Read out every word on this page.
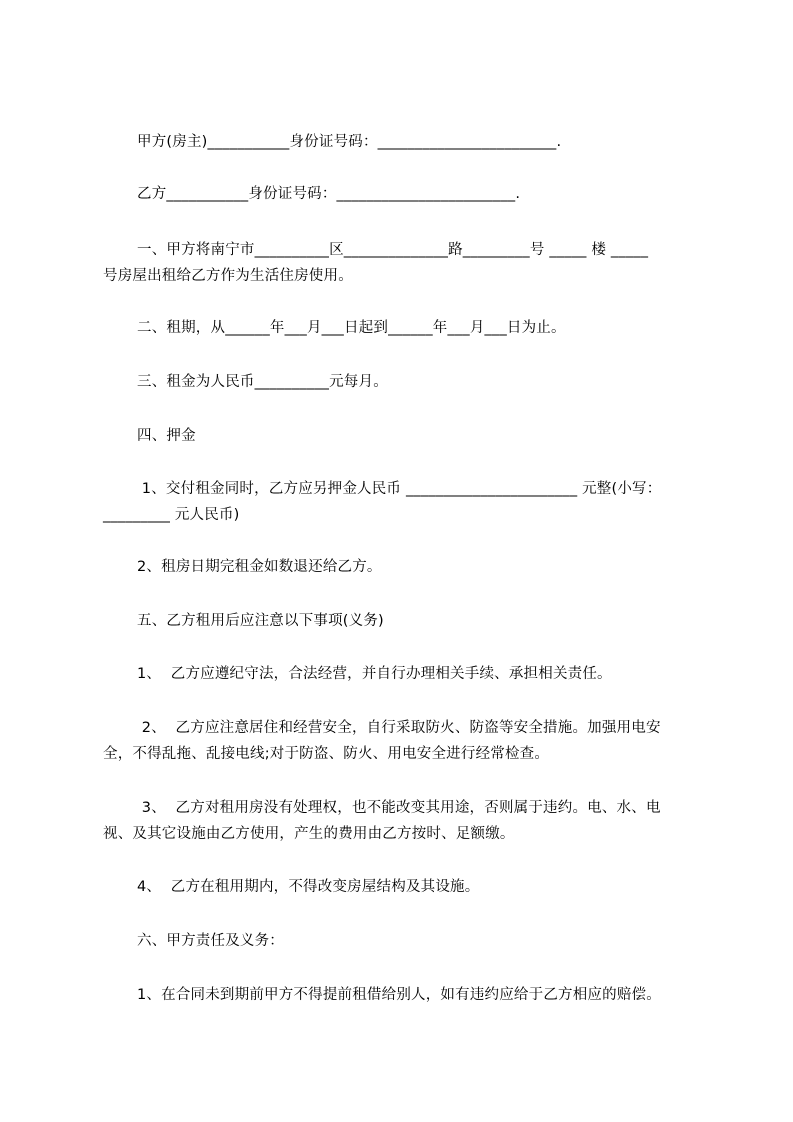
甲方(房主)___________身份证号码：________________________.
乙方___________身份证号码：________________________.
一、甲方将南宁市__________区______________路_________号 _____ 楼 _____
号房屋出租给乙方作为生活住房使用。
二、租期，从______年___月___日起到______年___月___日为止。
三、租金为人民币__________元每月。
四、押金
1、交付租金同时，乙方应另押金人民币 _______________________ 元整(小写：
_________ 元人民币)
2、租房日期完租金如数退还给乙方。
五、乙方租用后应注意以下事项(义务)
1、  乙方应遵纪守法，合法经营，并自行办理相关手续、承担相关责任。
2、  乙方应注意居住和经营安全，自行采取防火、防盗等安全措施。加强用电安
全，不得乱拖、乱接电线;对于防盗、防火、用电安全进行经常检查。
3、  乙方对租用房没有处理权，也不能改变其用途，否则属于违约。电、水、电
视、及其它设施由乙方使用，产生的费用由乙方按时、足额缴。
4、  乙方在租用期内，不得改变房屋结构及其设施。
六、甲方责任及义务：
1、在合同未到期前甲方不得提前租借给别人，如有违约应给于乙方相应的赔偿。
